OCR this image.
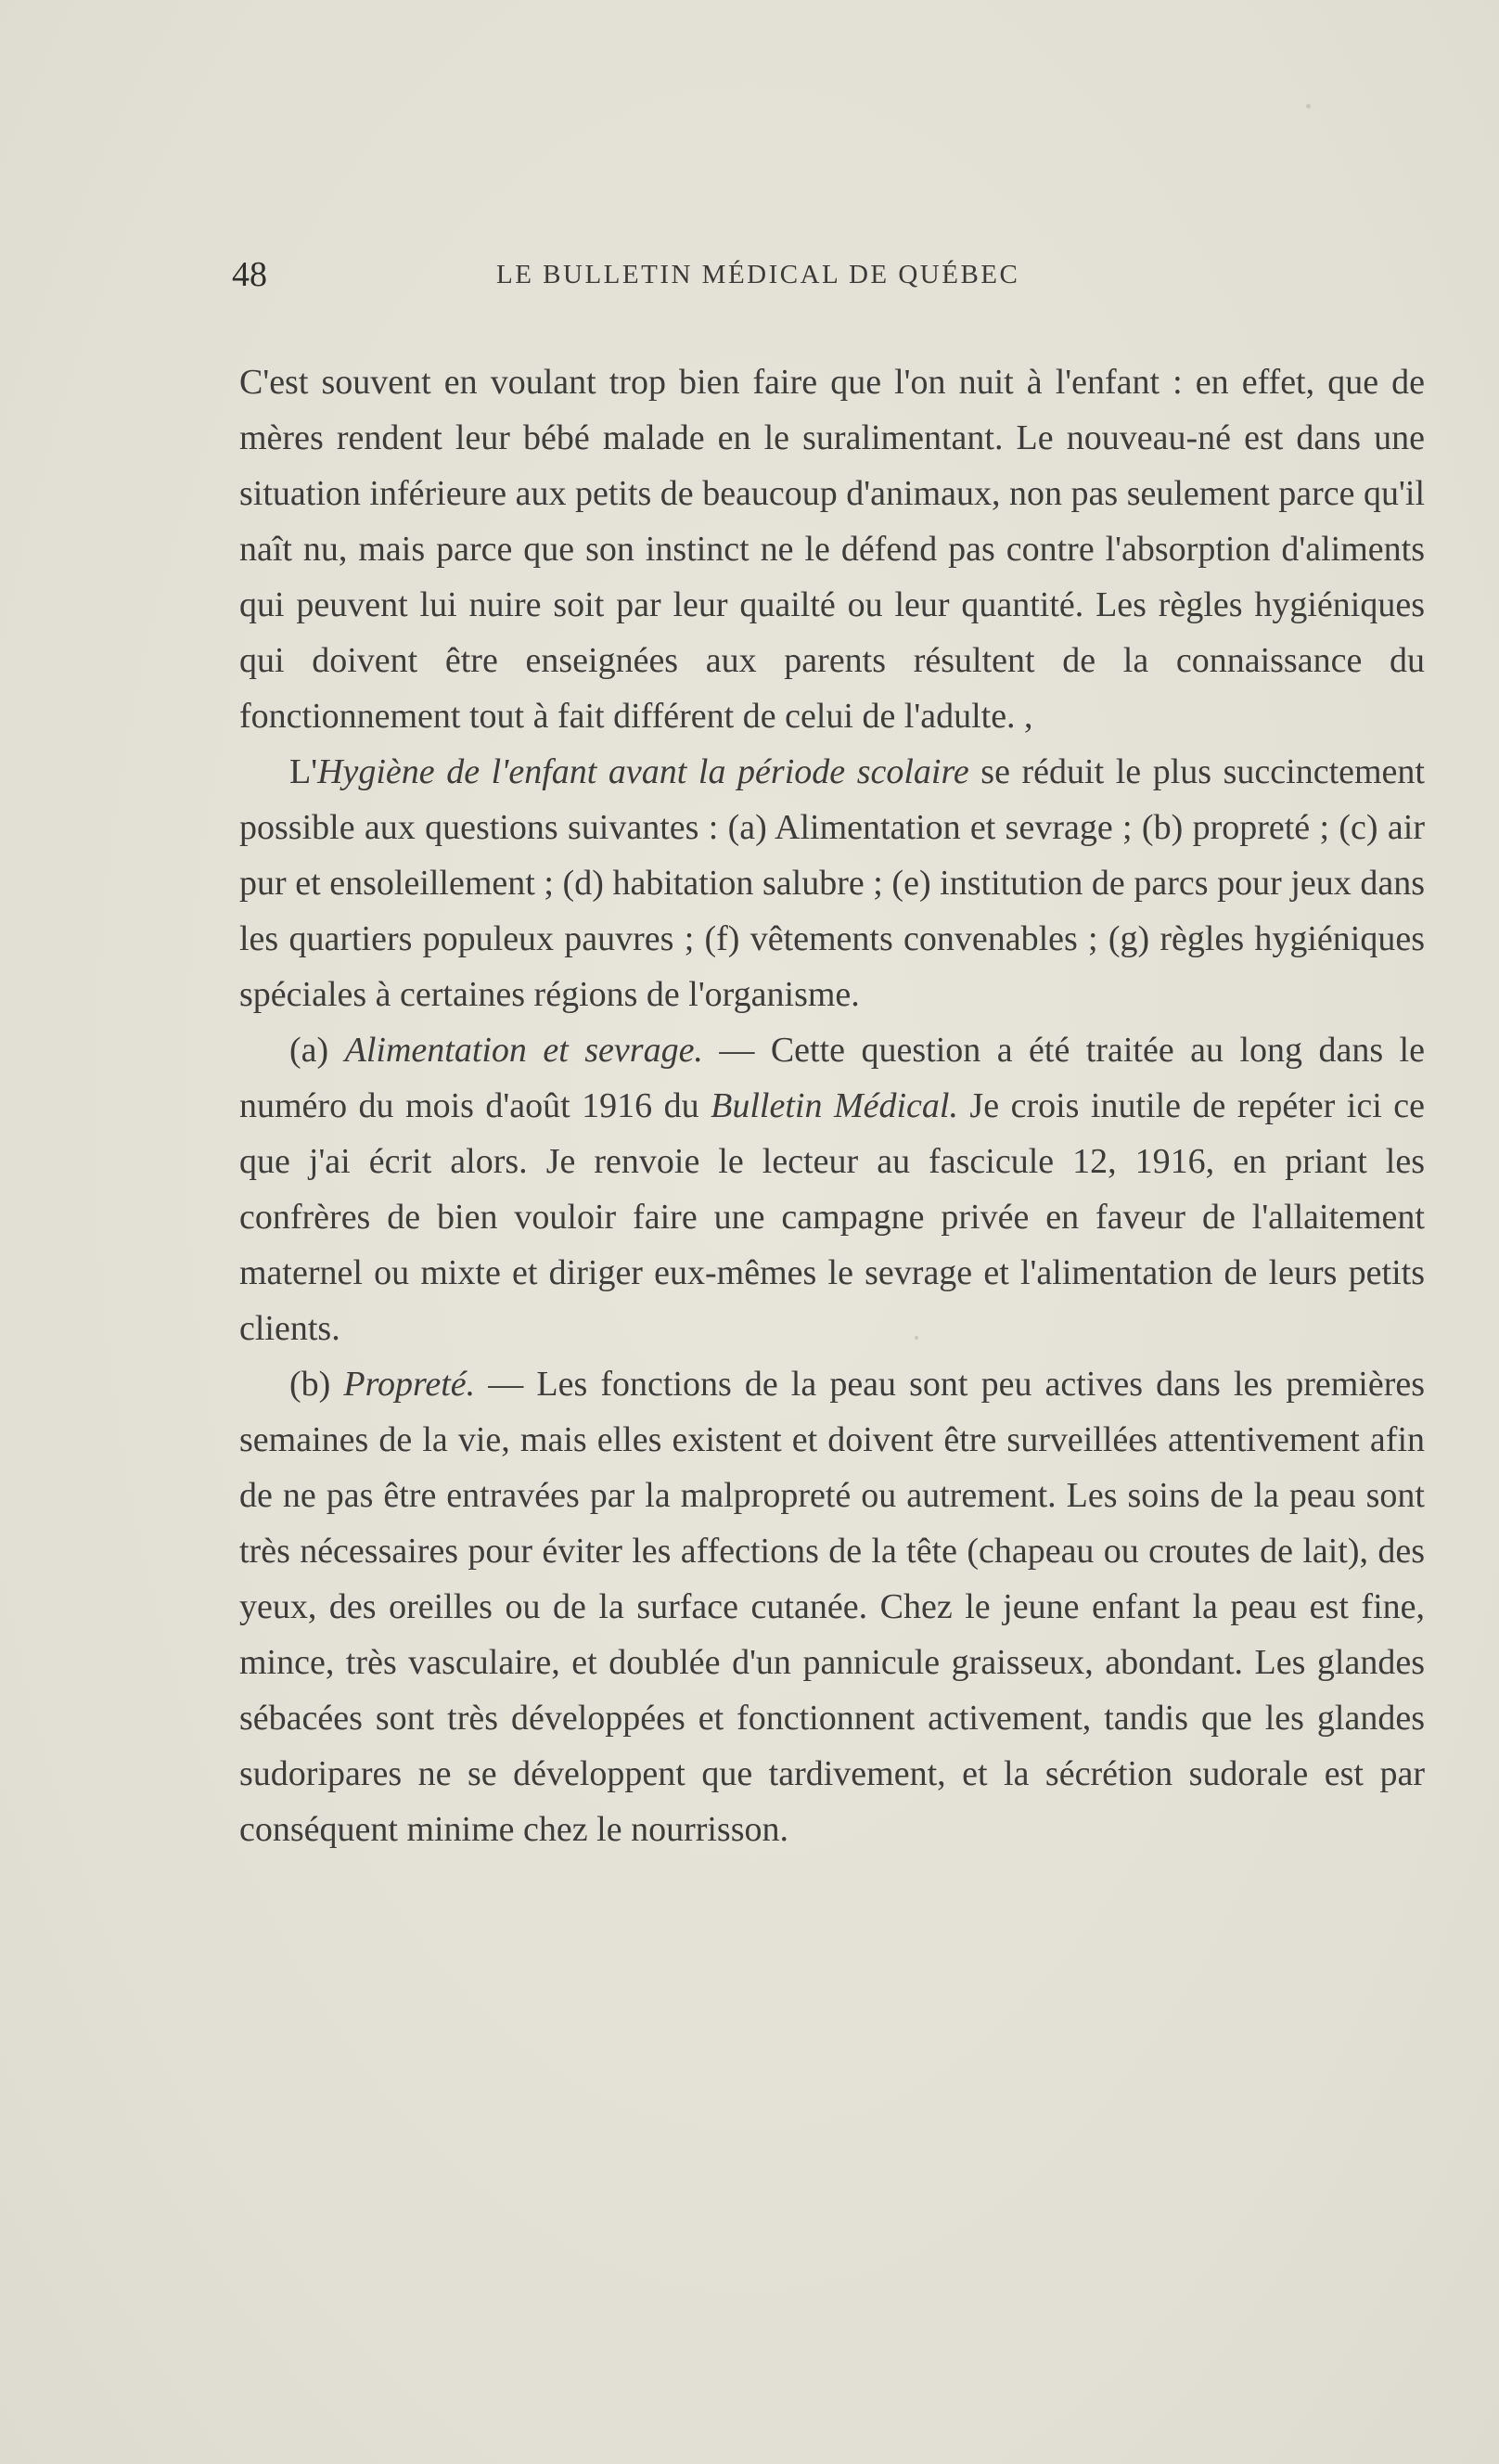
48	LE BULLETIN MÉDICAL DE QUÉBEC

C'est souvent en voulant trop bien faire que l'on nuit à l'enfant : en effet, que de mères rendent leur bébé malade en le suralimentant. Le nouveau-né est dans une situation inférieure aux petits de beaucoup d'animaux, non pas seulement parce qu'il naît nu, mais parce que son instinct ne le défend pas contre l'absorption d'aliments qui peuvent lui nuire soit par leur quailté ou leur quantité. Les règles hygiéniques qui doivent être enseignées aux parents résultent de la connaissance du fonctionnement tout à fait différent de celui de l'adulte. ,

L'Hygiène de l'enfant avant la période scolaire se réduit le plus succinctement possible aux questions suivantes : (a) Alimentation et sevrage ; (b) propreté ; (c) air pur et ensoleillement ; (d) habitation salubre ; (e) institution de parcs pour jeux dans les quartiers populeux pauvres ; (f) vêtements convenables ; (g) règles hygiéniques spéciales à certaines régions de l'organisme.

(a) Alimentation et sevrage. — Cette question a été traitée au long dans le numéro du mois d'août 1916 du Bulletin Médical. Je crois inutile de repéter ici ce que j'ai écrit alors. Je renvoie le lecteur au fascicule 12, 1916, en priant les confrères de bien vouloir faire une campagne privée en faveur de l'allaitement maternel ou mixte et diriger eux-mêmes le sevrage et l'alimentation de leurs petits clients.

(b) Propreté. — Les fonctions de la peau sont peu actives dans les premières semaines de la vie, mais elles existent et doivent être surveillées attentivement afin de ne pas être entravées par la malpropreté ou autrement. Les soins de la peau sont très nécessaires pour éviter les affections de la tête (chapeau ou croutes de lait), des yeux, des oreilles ou de la surface cutanée. Chez le jeune enfant la peau est fine, mince, très vasculaire, et doublée d'un pannicule graisseux, abondant. Les glandes sébacées sont très développées et fonctionnent activement, tandis que les glandes sudoripares ne se développent que tardivement, et la sécrétion sudorale est par conséquent minime chez le nourrisson.
